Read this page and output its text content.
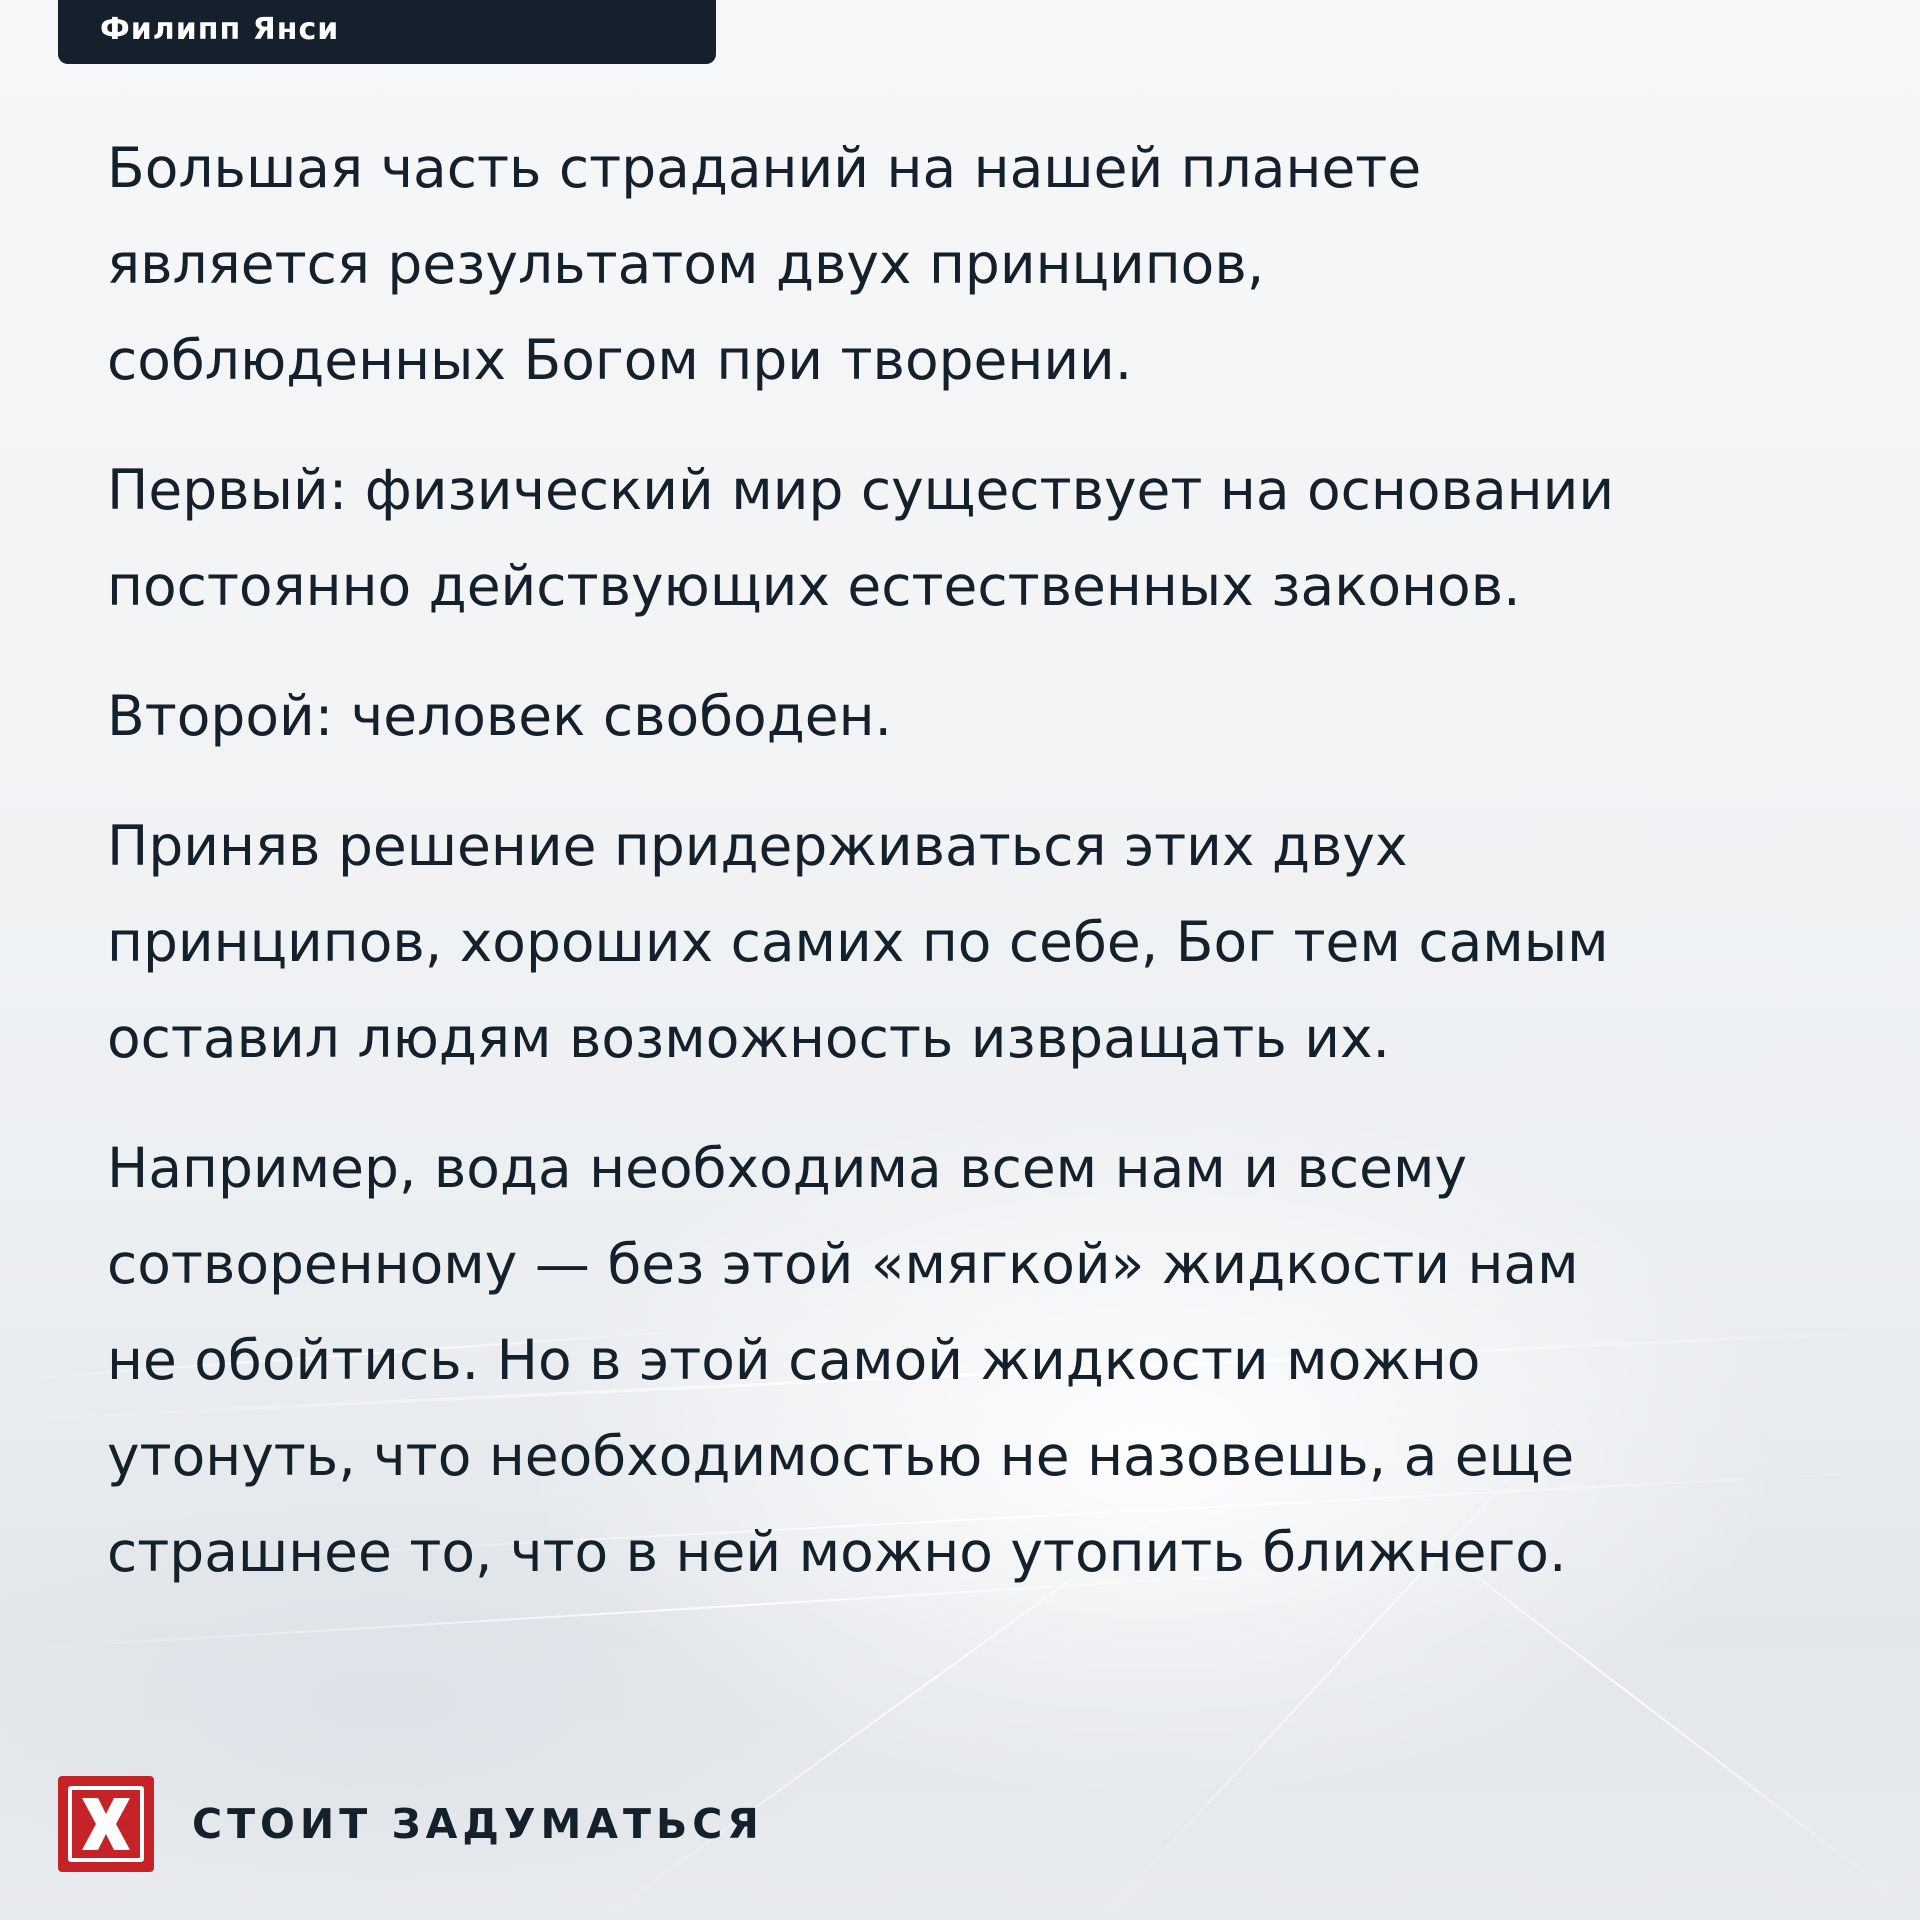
Филипп Янси

Большая часть страданий на нашей планете
является результатом двух принципов,
соблюденных Богом при творении.

Первый: физический мир существует на основании
постоянно действующих естественных законов.

Второй: человек свободен.

Приняв решение придерживаться этих двух
принципов, хороших самих по себе, Бог тем самым
оставил людям возможность извращать их.

Например, вода необходима всем нам и всему
сотворенному — без этой «мягкой» жидкости нам
не обойтись. Но в этой самой жидкости можно
утонуть, что необходимостью не назовешь, а еще
страшнее то, что в ней можно утопить ближнего.

СТОИТ ЗАДУМАТЬСЯ
